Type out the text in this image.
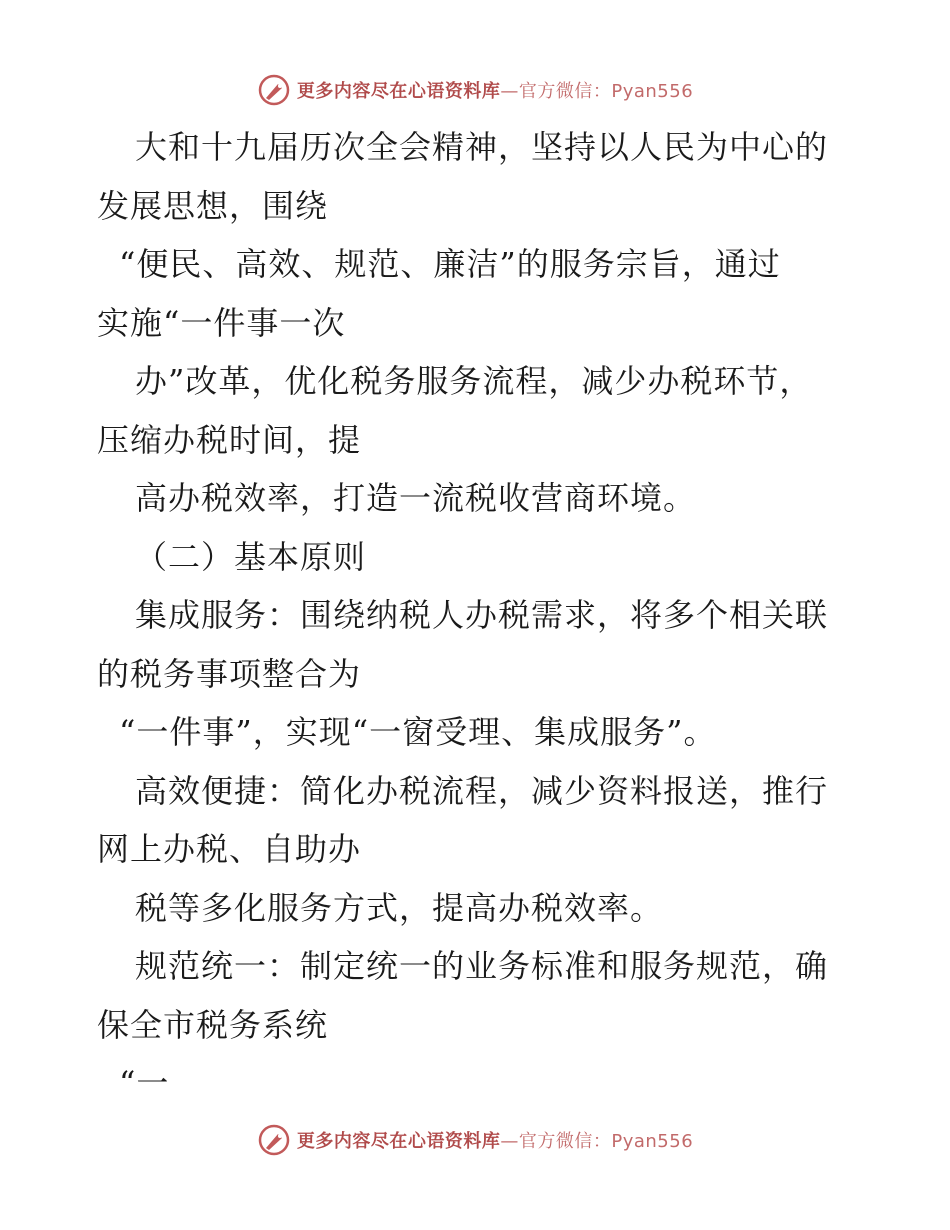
更多内容尽在心语资料库—官方微信：Pyan556
大和十九届历次全会精神，坚持以人民为中心的
发展思想，围绕
“便民、高效、规范、廉洁”的服务宗旨，通过
实施“一件事一次
办”改革，优化税务服务流程，减少办税环节，
压缩办税时间，提
高办税效率，打造一流税收营商环境。
（二）基本原则
集成服务：围绕纳税人办税需求，将多个相关联
的税务事项整合为
“一件事”，实现“一窗受理、集成服务”。
高效便捷：简化办税流程，减少资料报送，推行
网上办税、自助办
税等多化服务方式，提高办税效率。
规范统一：制定统一的业务标准和服务规范，确
保全市税务系统
“一
更多内容尽在心语资料库—官方微信：Pyan556
